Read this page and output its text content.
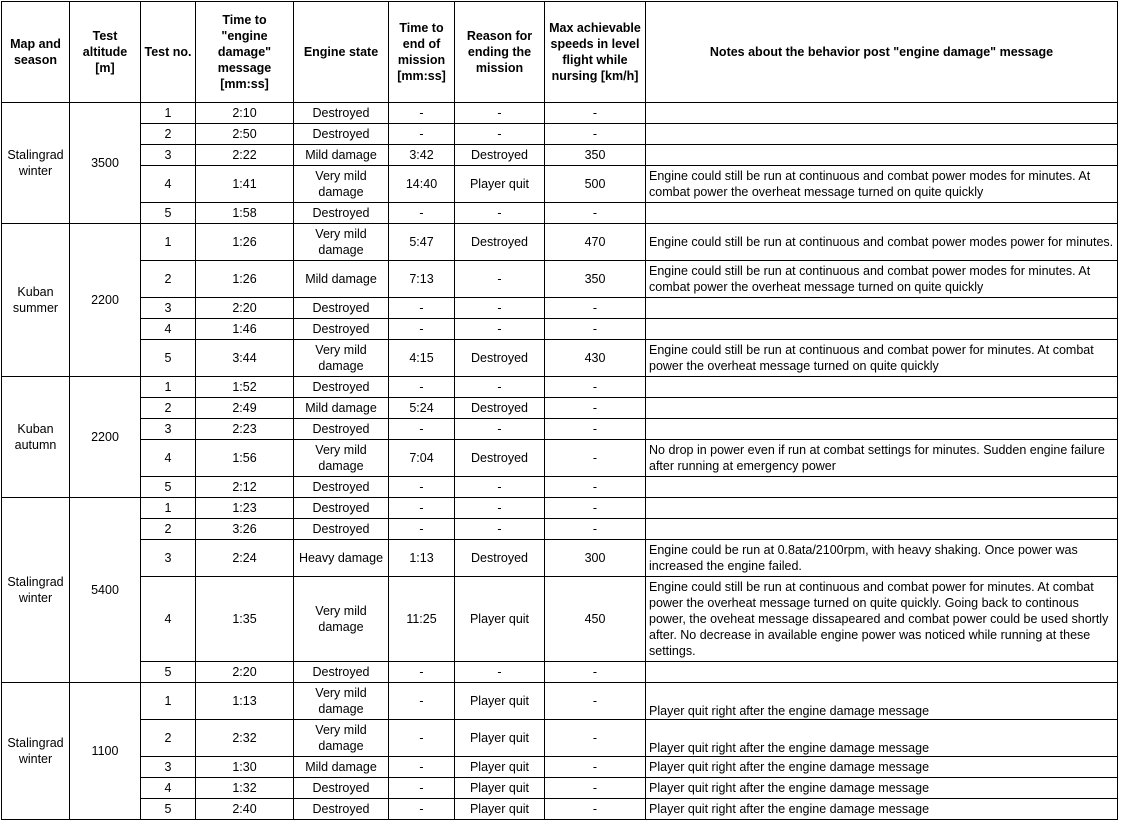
Map and season	Test altitude [m]	Test no.	Time to "engine damage" message [mm:ss]	Engine state	Time to end of mission [mm:ss]	Reason for ending the mission	Max achievable speeds in level flight while nursing [km/h]	Notes about the behavior post "engine damage" message
Stalingrad winter	3500	1	2:10	Destroyed	-	-	-	
		2	2:50	Destroyed	-	-	-	
		3	2:22	Mild damage	3:42	Destroyed	350	
		4	1:41	Very mild damage	14:40	Player quit	500	Engine could still be run at continuous and combat power modes for minutes. At combat power the overheat message turned on quite quickly
		5	1:58	Destroyed	-	-	-	
Kuban summer	2200	1	1:26	Very mild damage	5:47	Destroyed	470	Engine could still be run at continuous and combat power modes power for minutes.
		2	1:26	Mild damage	7:13	-	350	Engine could still be run at continuous and combat power modes for minutes. At combat power the overheat message turned on quite quickly
		3	2:20	Destroyed	-	-	-	
		4	1:46	Destroyed	-	-	-	
		5	3:44	Very mild damage	4:15	Destroyed	430	Engine could still be run at continuous and combat power for minutes. At combat power the overheat message turned on quite quickly
Kuban autumn	2200	1	1:52	Destroyed	-	-	-	
		2	2:49	Mild damage	5:24	Destroyed	-	
		3	2:23	Destroyed	-	-	-	
		4	1:56	Very mild damage	7:04	Destroyed	-	No drop in power even if run at combat settings for minutes. Sudden engine failure after running at emergency power
		5	2:12	Destroyed	-	-	-	
Stalingrad winter	5400	1	1:23	Destroyed	-	-	-	
		2	3:26	Destroyed	-	-	-	
		3	2:24	Heavy damage	1:13	Destroyed	300	Engine could be run at 0.8ata/2100rpm, with heavy shaking. Once power was increased the engine failed.
		4	1:35	Very mild damage	11:25	Player quit	450	Engine could still be run at continuous and combat power for minutes. At combat power the overheat message turned on quite quickly. Going back to continous power, the oveheat message dissapeared and combat power could be used shortly after. No decrease in available engine power was noticed while running at these settings.
		5	2:20	Destroyed	-	-	-	
Stalingrad winter	1100	1	1:13	Very mild damage	-	Player quit	-	Player quit right after the engine damage message
		2	2:32	Very mild damage	-	Player quit	-	Player quit right after the engine damage message
		3	1:30	Mild damage	-	Player quit	-	Player quit right after the engine damage message
		4	1:32	Destroyed	-	Player quit	-	Player quit right after the engine damage message
		5	2:40	Destroyed	-	Player quit	-	Player quit right after the engine damage message
